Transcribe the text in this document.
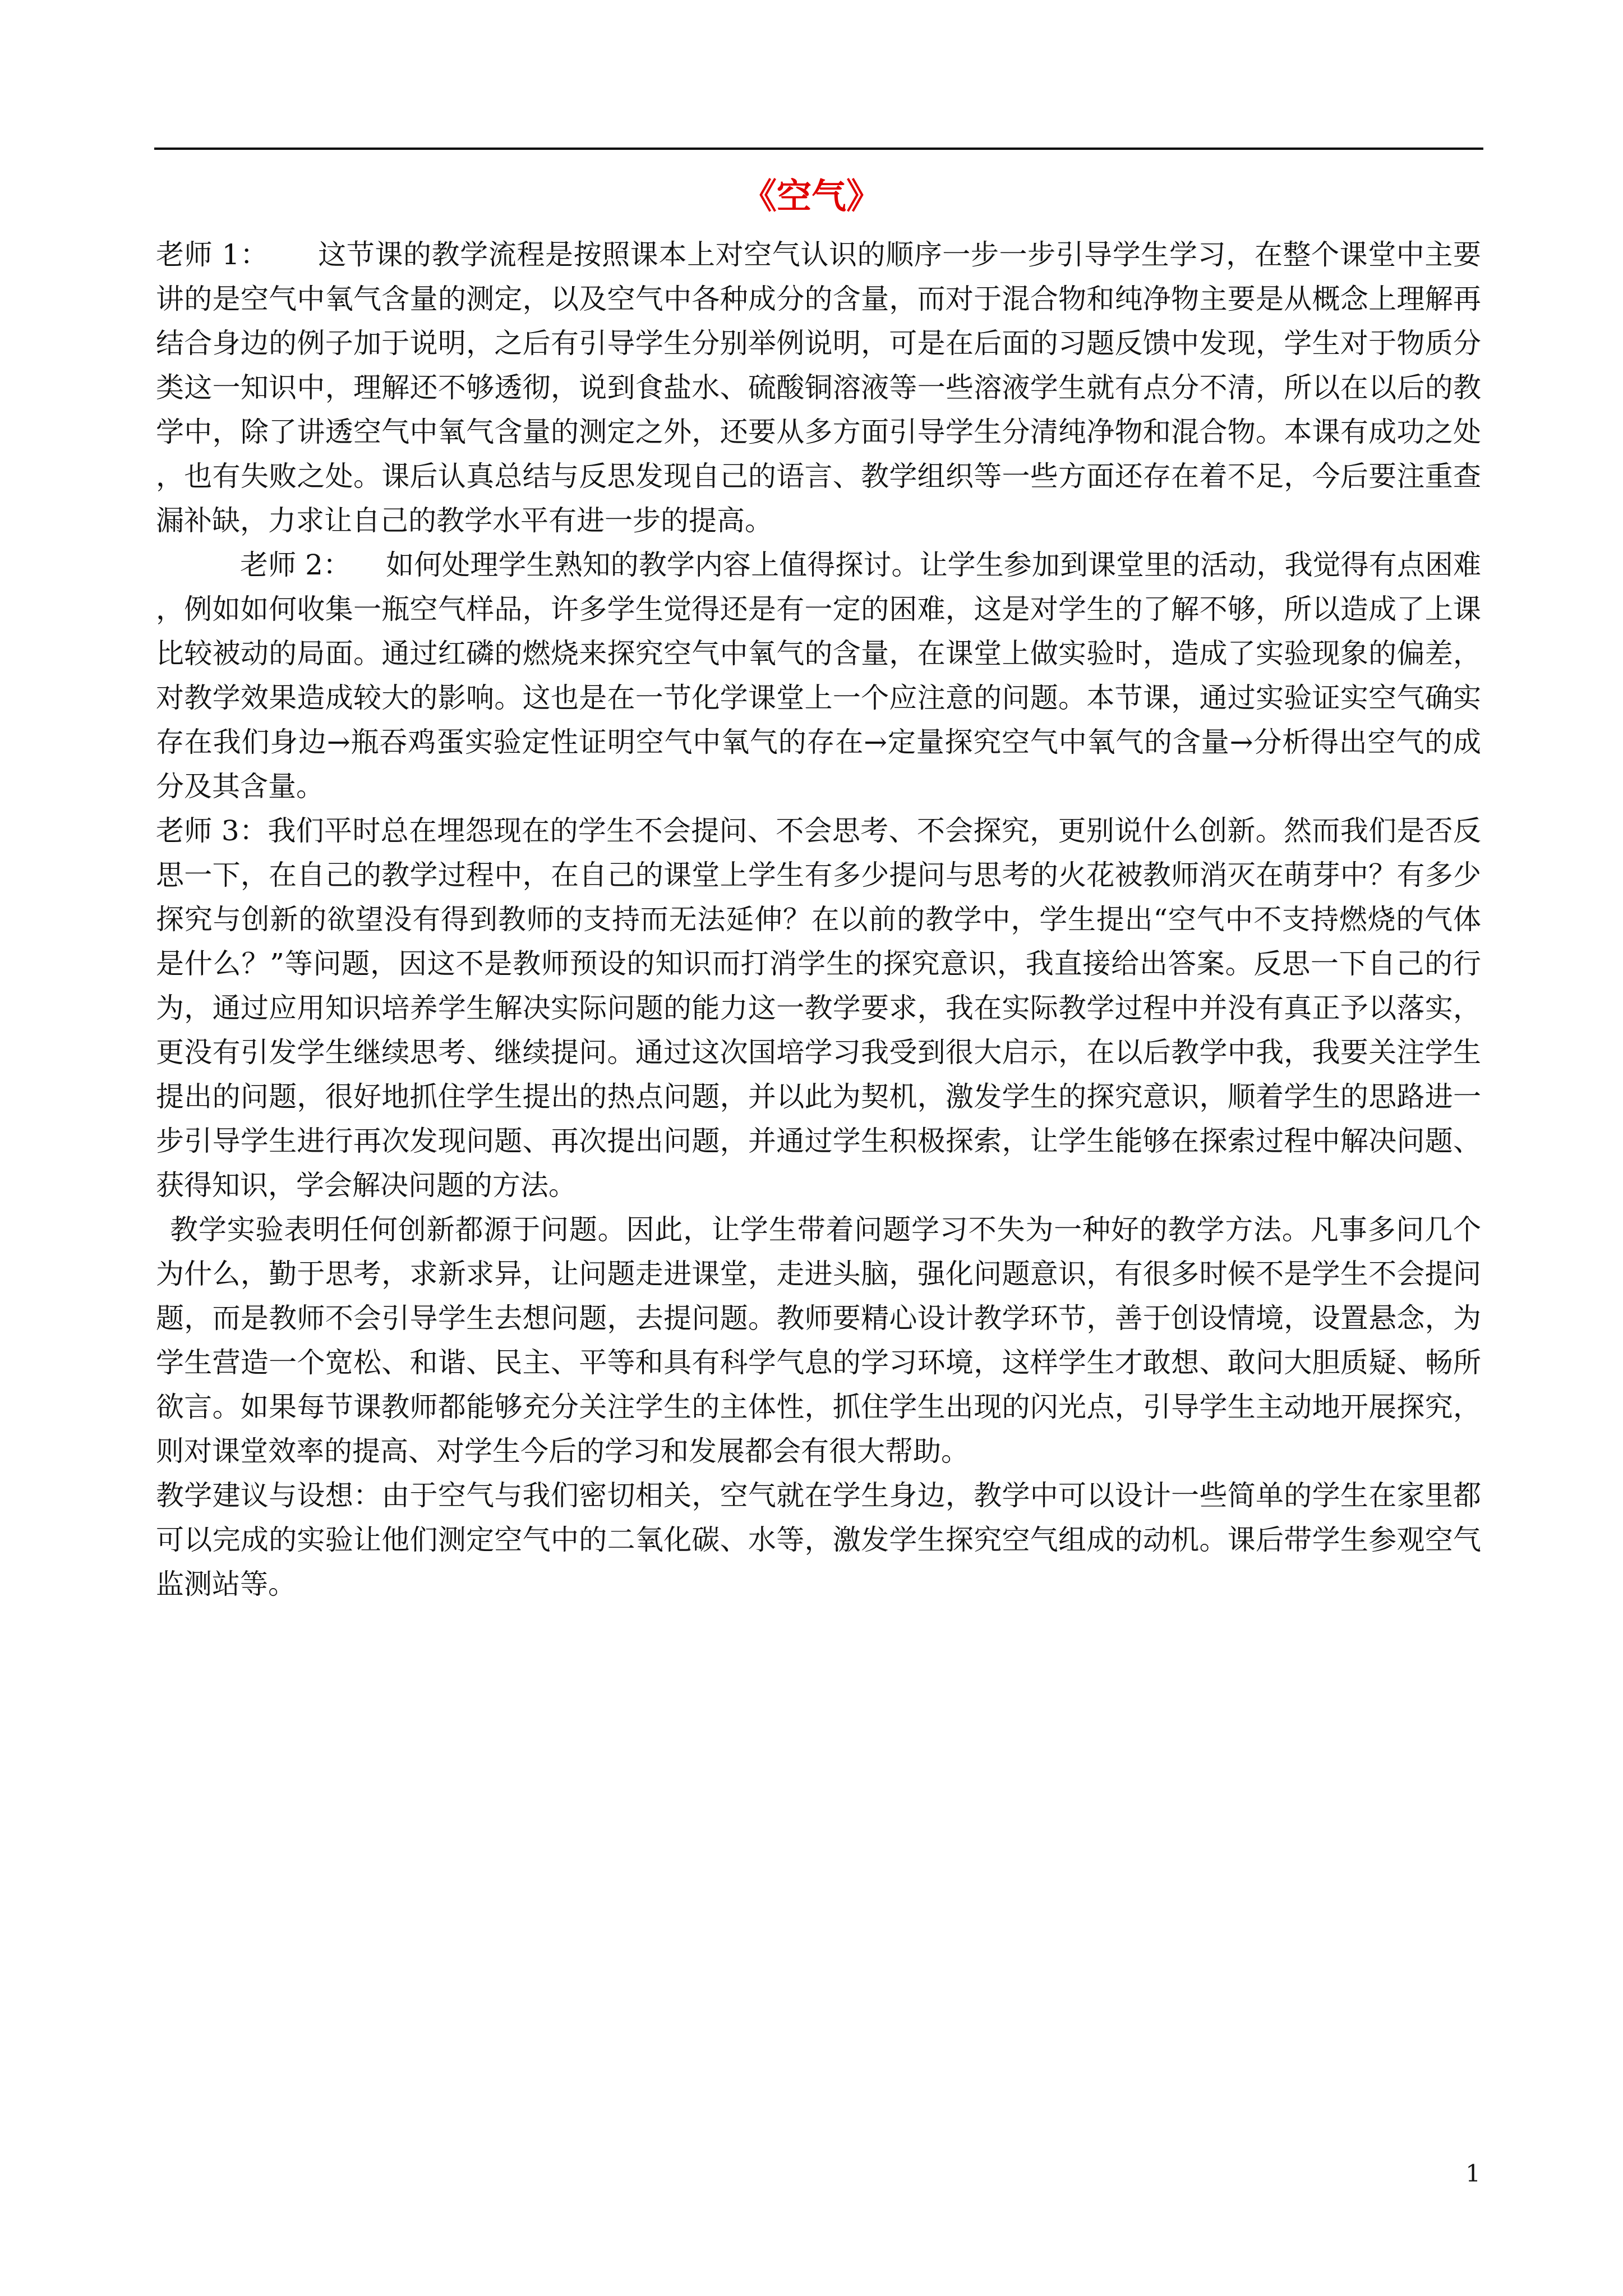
《空气》

老师 1： 这节课的教学流程是按照课本上对空气认识的顺序一步一步引导学生学习，在整个课堂中主要讲的是空气中氧气含量的测定，以及空气中各种成分的含量，而对于混合物和纯净物主要是从概念上理解再结合身边的例子加于说明，之后有引导学生分别举例说明，可是在后面的习题反馈中发现，学生对于物质分类这一知识中，理解还不够透彻，说到食盐水、硫酸铜溶液等一些溶液学生就有点分不清，所以在以后的教学中，除了讲透空气中氧气含量的测定之外，还要从多方面引导学生分清纯净物和混合物。本课有成功之处，也有失败之处。课后认真总结与反思发现自己的语言、教学组织等一些方面还存在着不足，今后要注重查漏补缺，力求让自己的教学水平有进一步的提高。

老师 2： 如何处理学生熟知的教学内容上值得探讨。让学生参加到课堂里的活动，我觉得有点困难，例如如何收集一瓶空气样品，许多学生觉得还是有一定的困难，这是对学生的了解不够，所以造成了上课比较被动的局面。通过红磷的燃烧来探究空气中氧气的含量，在课堂上做实验时，造成了实验现象的偏差，对教学效果造成较大的影响。这也是在一节化学课堂上一个应注意的问题。本节课，通过实验证实空气确实存在我们身边→瓶吞鸡蛋实验定性证明空气中氧气的存在→定量探究空气中氧气的含量→分析得出空气的成分及其含量。

老师 3：我们平时总在埋怨现在的学生不会提问、不会思考、不会探究，更别说什么创新。然而我们是否反思一下，在自己的教学过程中，在自己的课堂上学生有多少提问与思考的火花被教师消灭在萌芽中？有多少探究与创新的欲望没有得到教师的支持而无法延伸？在以前的教学中，学生提出“空气中不支持燃烧的气体是什么？”等问题，因这不是教师预设的知识而打消学生的探究意识，我直接给出答案。反思一下自己的行为，通过应用知识培养学生解决实际问题的能力这一教学要求，我在实际教学过程中并没有真正予以落实，更没有引发学生继续思考、继续提问。通过这次国培学习我受到很大启示，在以后教学中我，我要关注学生提出的问题，很好地抓住学生提出的热点问题，并以此为契机，激发学生的探究意识，顺着学生的思路进一步引导学生进行再次发现问题、再次提出问题，并通过学生积极探索，让学生能够在探索过程中解决问题、获得知识，学会解决问题的方法。

教学实验表明任何创新都源于问题。因此，让学生带着问题学习不失为一种好的教学方法。凡事多问几个为什么，勤于思考，求新求异，让问题走进课堂，走进头脑，强化问题意识，有很多时候不是学生不会提问题，而是教师不会引导学生去想问题，去提问题。教师要精心设计教学环节，善于创设情境，设置悬念，为学生营造一个宽松、和谐、民主、平等和具有科学气息的学习环境，这样学生才敢想、敢问大胆质疑、畅所欲言。如果每节课教师都能够充分关注学生的主体性，抓住学生出现的闪光点，引导学生主动地开展探究，则对课堂效率的提高、对学生今后的学习和发展都会有很大帮助。

教学建议与设想：由于空气与我们密切相关，空气就在学生身边，教学中可以设计一些简单的学生在家里都可以完成的实验让他们测定空气中的二氧化碳、水等，激发学生探究空气组成的动机。课后带学生参观空气监测站等。

1
